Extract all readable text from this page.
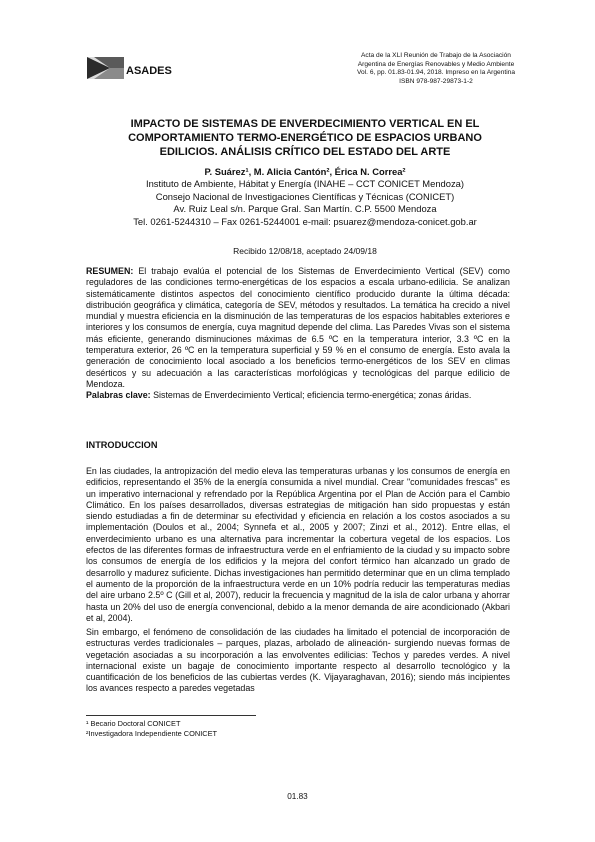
ASADES
Acta de la XLI Reunión de Trabajo de la Asociación
Argentina de Energías Renovables y Medio Ambiente
Vol. 6, pp. 01.83-01.94, 2018. Impreso en la Argentina
ISBN 978-987-29873-1-2
IMPACTO DE SISTEMAS DE ENVERDECIMIENTO VERTICAL EN EL
COMPORTAMIENTO TERMO-ENERGÉTICO DE ESPACIOS URBANO
EDILICIOS. ANÁLISIS CRÍTICO DEL ESTADO DEL ARTE
P. Suárez¹, M. Alicia Cantón², Érica N. Correa²
Instituto de Ambiente, Hábitat y Energía (INAHE – CCT CONICET Mendoza)
Consejo Nacional de Investigaciones Científicas y Técnicas (CONICET)
Av. Ruiz Leal s/n. Parque Gral. San Martín. C.P. 5500 Mendoza
Tel. 0261-5244310 – Fax 0261-5244001 e-mail: psuarez@mendoza-conicet.gob.ar
Recibido 12/08/18, aceptado 24/09/18
RESUMEN: El trabajo evalúa el potencial de los Sistemas de Enverdecimiento Vertical (SEV) como reguladores de las condiciones termo-energéticas de los espacios a escala urbano-edilicia. Se analizan sistemáticamente distintos aspectos del conocimiento científico producido durante la última década: distribución geográfica y climática, categoría de SEV, métodos y resultados. La temática ha crecido a nivel mundial y muestra eficiencia en la disminución de las temperaturas de los espacios habitables exteriores e interiores y los consumos de energía, cuya magnitud depende del clima. Las Paredes Vivas son el sistema más eficiente, generando disminuciones máximas de 6.5 ºC en la temperatura interior, 3.3 ºC en la temperatura exterior, 26 ºC en la temperatura superficial y 59 % en el consumo de energía. Esto avala la generación de conocimiento local asociado a los beneficios termo-energéticos de los SEV en climas desérticos y su adecuación a las características morfológicas y tecnológicas del parque edilicio de Mendoza.
Palabras clave: Sistemas de Enverdecimiento Vertical; eficiencia termo-energética; zonas áridas.
INTRODUCCION
En las ciudades, la antropización del medio eleva las temperaturas urbanas y los consumos de energía en edificios, representando el 35% de la energía consumida a nivel mundial. Crear "comunidades frescas" es un imperativo internacional y refrendado por la República Argentina por el Plan de Acción para el Cambio Climático. En los países desarrollados, diversas estrategias de mitigación han sido propuestas y están siendo estudiadas a fin de determinar su efectividad y eficiencia en relación a los costos asociados a su implementación (Doulos et al., 2004; Synnefa et al., 2005 y 2007; Zinzi et al., 2012). Entre ellas, el enverdecimiento urbano es una alternativa para incrementar la cobertura vegetal de los espacios. Los efectos de las diferentes formas de infraestructura verde en el enfriamiento de la ciudad y su impacto sobre los consumos de energía de los edificios y la mejora del confort térmico han alcanzado un grado de desarrollo y madurez suficiente. Dichas investigaciones han permitido determinar que en un clima templado el aumento de la proporción de la infraestructura verde en un 10% podría reducir las temperaturas medias del aire urbano 2.5º C (Gill et al, 2007), reducir la frecuencia y magnitud de la isla de calor urbana y ahorrar hasta un 20% del uso de energía convencional, debido a la menor demanda de aire acondicionado (Akbari et al, 2004).
Sin embargo, el fenómeno de consolidación de las ciudades ha limitado el potencial de incorporación de estructuras verdes tradicionales – parques, plazas, arbolado de alineación- surgiendo nuevas formas de vegetación asociadas a su incorporación a las envolventes edilicias: Techos y paredes verdes. A nivel internacional existe un bagaje de conocimiento importante respecto al desarrollo tecnológico y la cuantificación de los beneficios de las cubiertas verdes (K. Vijayaraghavan, 2016); siendo más incipientes los avances respecto a paredes vegetadas
¹ Becario Doctoral CONICET
²Investigadora Independiente CONICET
01.83
